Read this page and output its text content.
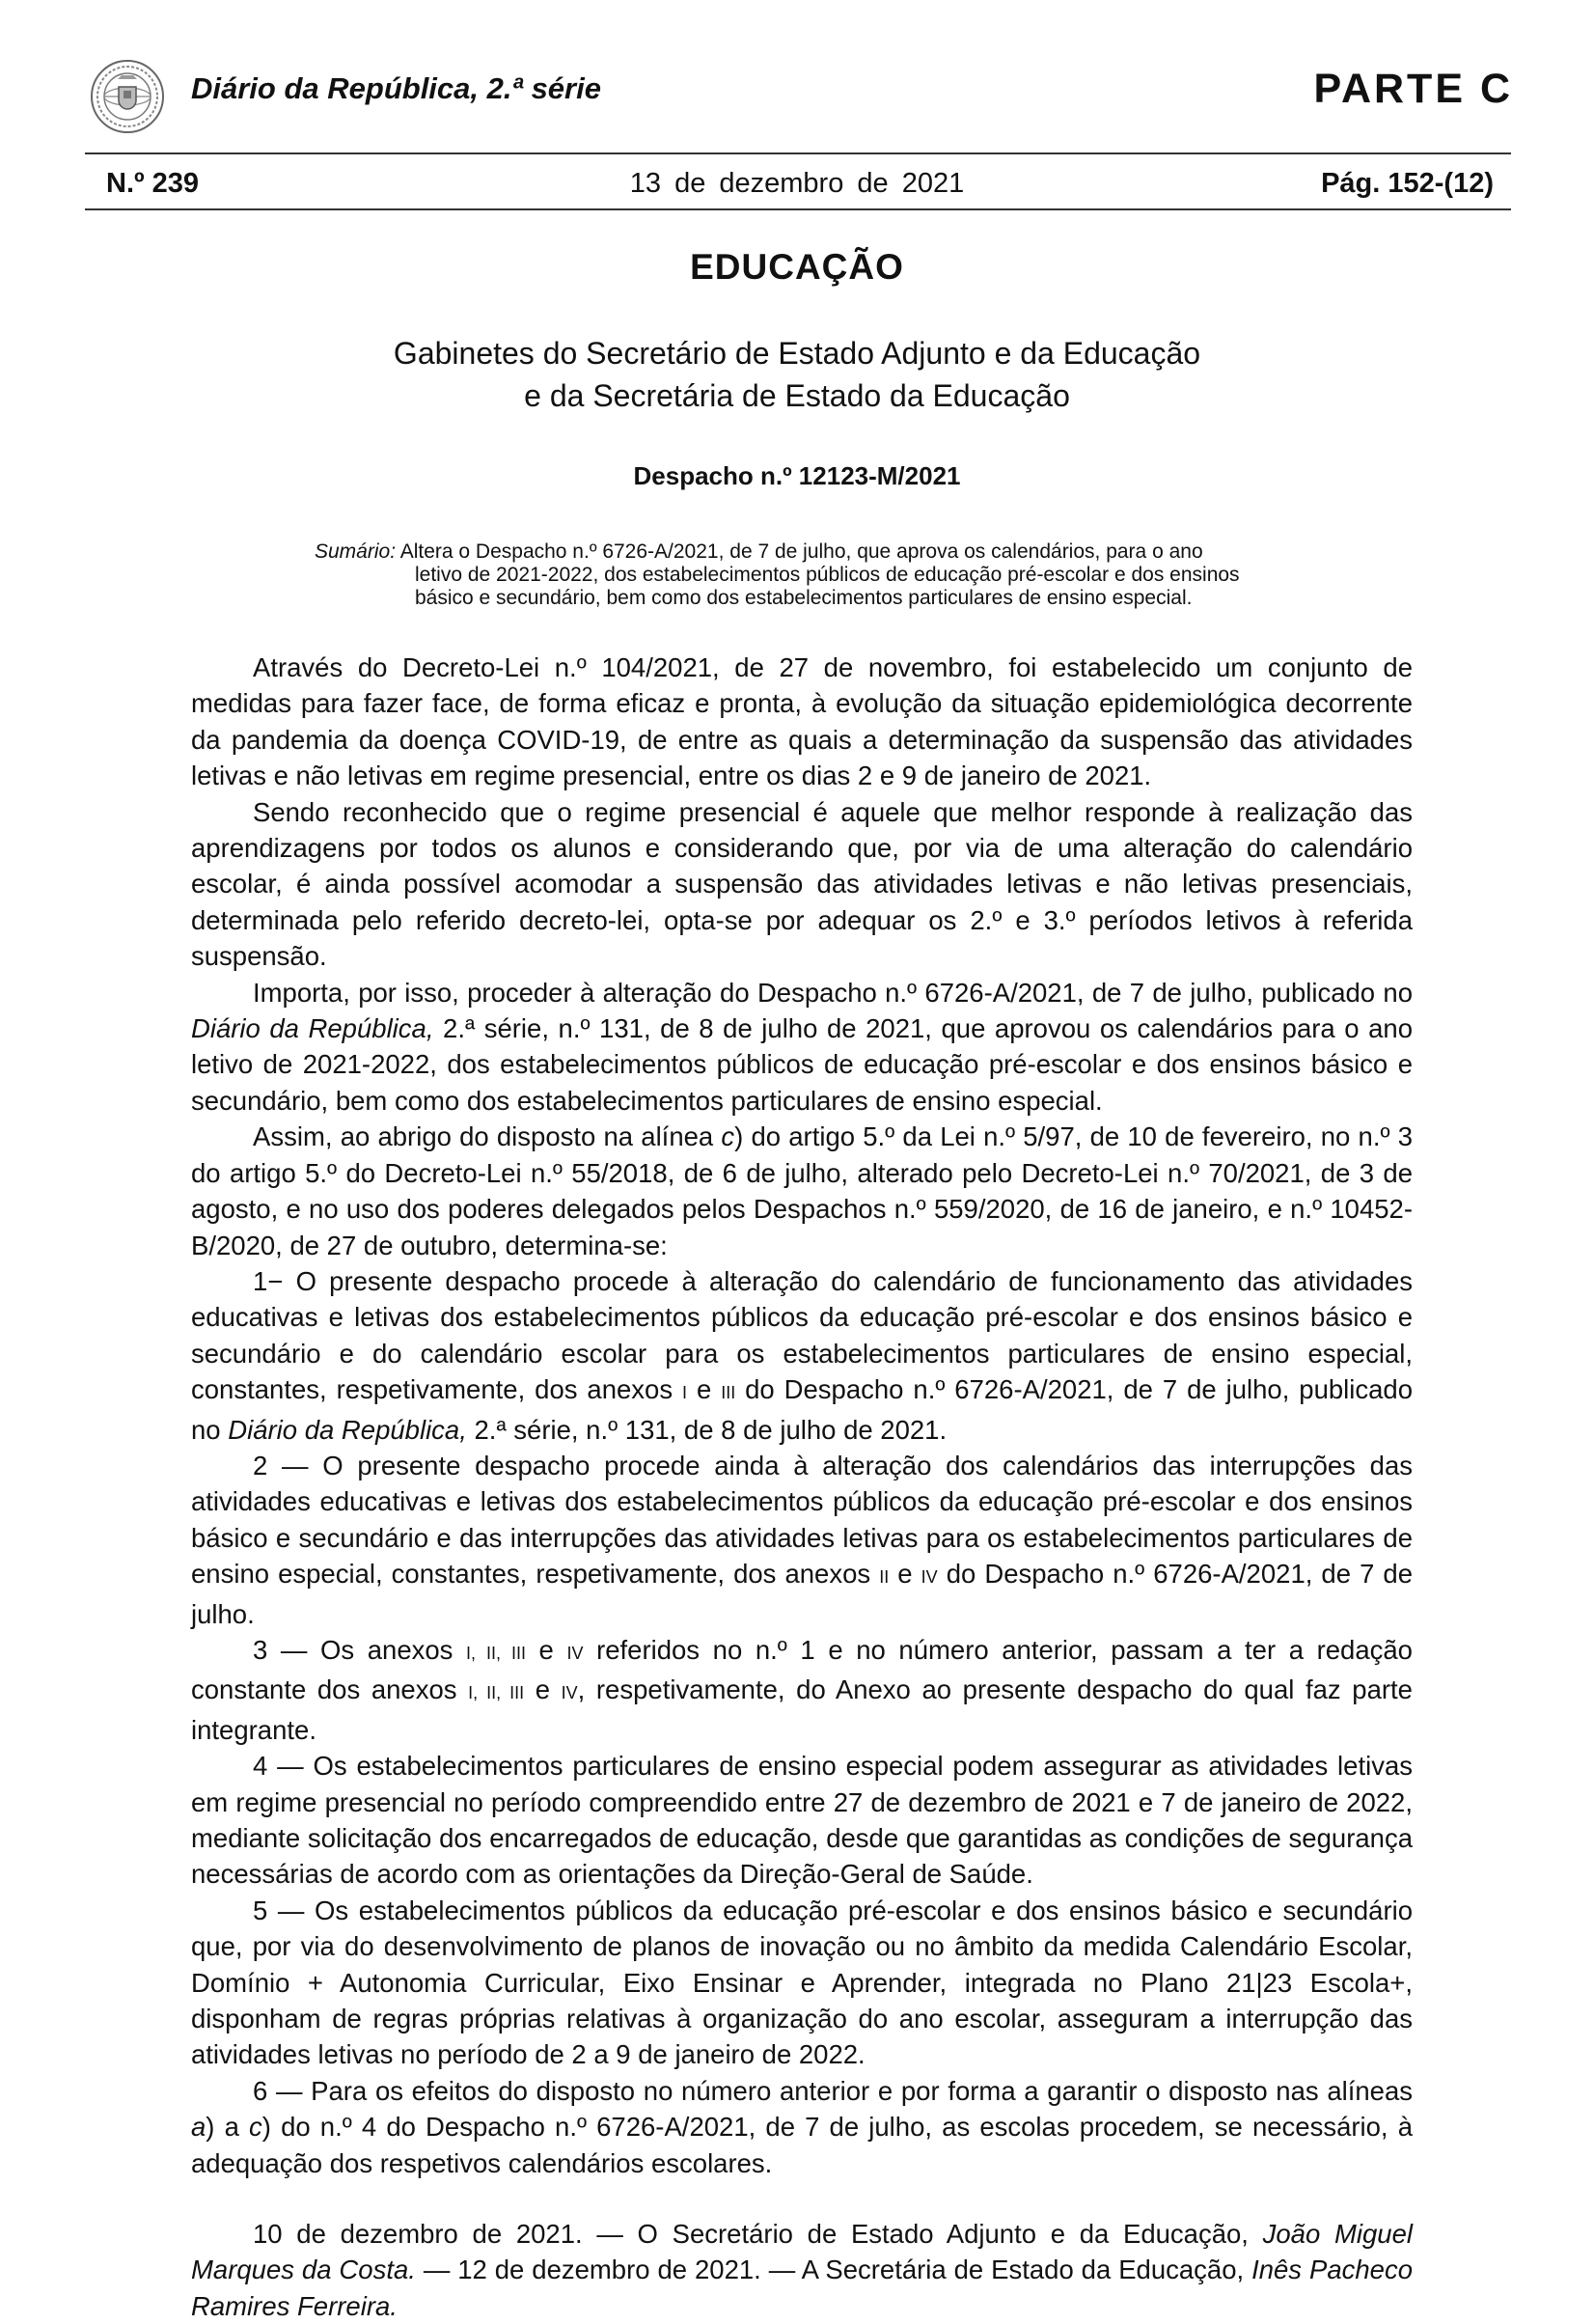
Diário da República, 2.ª série	PARTE C
N.º 239	13 de dezembro de 2021	Pág. 152-(12)
EDUCAÇÃO
Gabinetes do Secretário de Estado Adjunto e da Educação
e da Secretária de Estado da Educação
Despacho n.º 12123-M/2021
Sumário: Altera o Despacho n.º 6726-A/2021, de 7 de julho, que aprova os calendários, para o ano
letivo de 2021-2022, dos estabelecimentos públicos de educação pré-escolar e dos ensinos
básico e secundário, bem como dos estabelecimentos particulares de ensino especial.

Através do Decreto-Lei n.º 104/2021, de 27 de novembro, foi estabelecido um conjunto de medidas para fazer face, de forma eficaz e pronta, à evolução da situação epidemiológica decorrente da pandemia da doença COVID-19, de entre as quais a determinação da suspensão das atividades letivas e não letivas em regime presencial, entre os dias 2 e 9 de janeiro de 2021.

Sendo reconhecido que o regime presencial é aquele que melhor responde à realização das aprendizagens por todos os alunos e considerando que, por via de uma alteração do calendário escolar, é ainda possível acomodar a suspensão das atividades letivas e não letivas presenciais, determinada pelo referido decreto-lei, opta-se por adequar os 2.º e 3.º períodos letivos à referida suspensão.

Importa, por isso, proceder à alteração do Despacho n.º 6726-A/2021, de 7 de julho, publicado no Diário da República, 2.ª série, n.º 131, de 8 de julho de 2021, que aprovou os calendários para o ano letivo de 2021-2022, dos estabelecimentos públicos de educação pré-escolar e dos ensinos básico e secundário, bem como dos estabelecimentos particulares de ensino especial.

Assim, ao abrigo do disposto na alínea c) do artigo 5.º da Lei n.º 5/97, de 10 de fevereiro, no n.º 3 do artigo 5.º do Decreto-Lei n.º 55/2018, de 6 de julho, alterado pelo Decreto-Lei n.º 70/2021, de 3 de agosto, e no uso dos poderes delegados pelos Despachos n.º 559/2020, de 16 de janeiro, e n.º 10452-B/2020, de 27 de outubro, determina-se:

1− O presente despacho procede à alteração do calendário de funcionamento das atividades educativas e letivas dos estabelecimentos públicos da educação pré-escolar e dos ensinos básico e secundário e do calendário escolar para os estabelecimentos particulares de ensino especial, constantes, respetivamente, dos anexos I e III do Despacho n.º 6726-A/2021, de 7 de julho, publicado no Diário da República, 2.ª série, n.º 131, de 8 de julho de 2021.

2 — O presente despacho procede ainda à alteração dos calendários das interrupções das atividades educativas e letivas dos estabelecimentos públicos da educação pré-escolar e dos ensinos básico e secundário e das interrupções das atividades letivas para os estabelecimentos particulares de ensino especial, constantes, respetivamente, dos anexos II e IV do Despacho n.º 6726-A/2021, de 7 de julho.

3 — Os anexos I, II, III e IV referidos no n.º 1 e no número anterior, passam a ter a redação constante dos anexos I, II, III e IV, respetivamente, do Anexo ao presente despacho do qual faz parte integrante.

4 — Os estabelecimentos particulares de ensino especial podem assegurar as atividades letivas em regime presencial no período compreendido entre 27 de dezembro de 2021 e 7 de janeiro de 2022, mediante solicitação dos encarregados de educação, desde que garantidas as condições de segurança necessárias de acordo com as orientações da Direção-Geral de Saúde.

5 — Os estabelecimentos públicos da educação pré-escolar e dos ensinos básico e secundário que, por via do desenvolvimento de planos de inovação ou no âmbito da medida Calendário Escolar, Domínio + Autonomia Curricular, Eixo Ensinar e Aprender, integrada no Plano 21|23 Escola+, disponham de regras próprias relativas à organização do ano escolar, asseguram a interrupção das atividades letivas no período de 2 a 9 de janeiro de 2022.

6 — Para os efeitos do disposto no número anterior e por forma a garantir o disposto nas alíneas a) a c) do n.º 4 do Despacho n.º 6726-A/2021, de 7 de julho, as escolas procedem, se necessário, à adequação dos respetivos calendários escolares.

10 de dezembro de 2021. — O Secretário de Estado Adjunto e da Educação, João Miguel Marques da Costa. — 12 de dezembro de 2021. — A Secretária de Estado da Educação, Inês Pacheco Ramires Ferreira.
